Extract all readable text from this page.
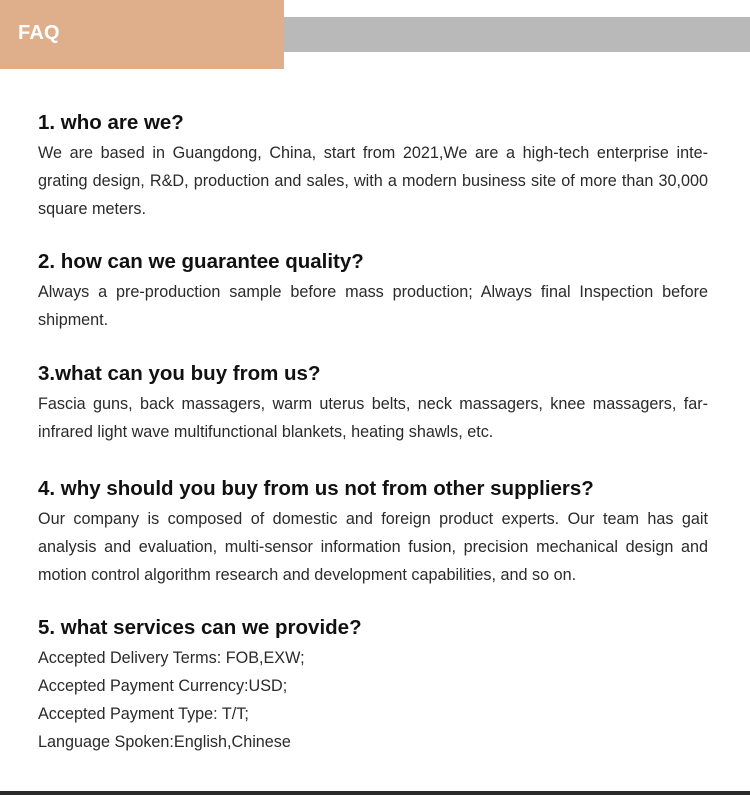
FAQ
1. who are we?
We are based in Guangdong, China, start from 2021,We are a high-tech enterprise inte-grating design, R&D, production and sales, with a modern business site of more than 30,000 square meters.
2. how can we guarantee quality?
Always a pre-production sample before mass production; Always final Inspection before shipment.
3.what can you buy from us?
Fascia guns, back massagers, warm uterus belts, neck massagers, knee massagers, far-infrared light wave multifunctional blankets, heating shawls, etc.
4. why should you buy from us not from other suppliers?
Our company is composed of domestic and foreign product experts. Our team has gait analysis and evaluation, multi-sensor information fusion, precision mechanical design and motion control algorithm research and development capabilities, and so on.
5. what services can we provide?
Accepted Delivery Terms: FOB,EXW;
Accepted Payment Currency:USD;
Accepted Payment Type: T/T;
Language Spoken:English,Chinese
